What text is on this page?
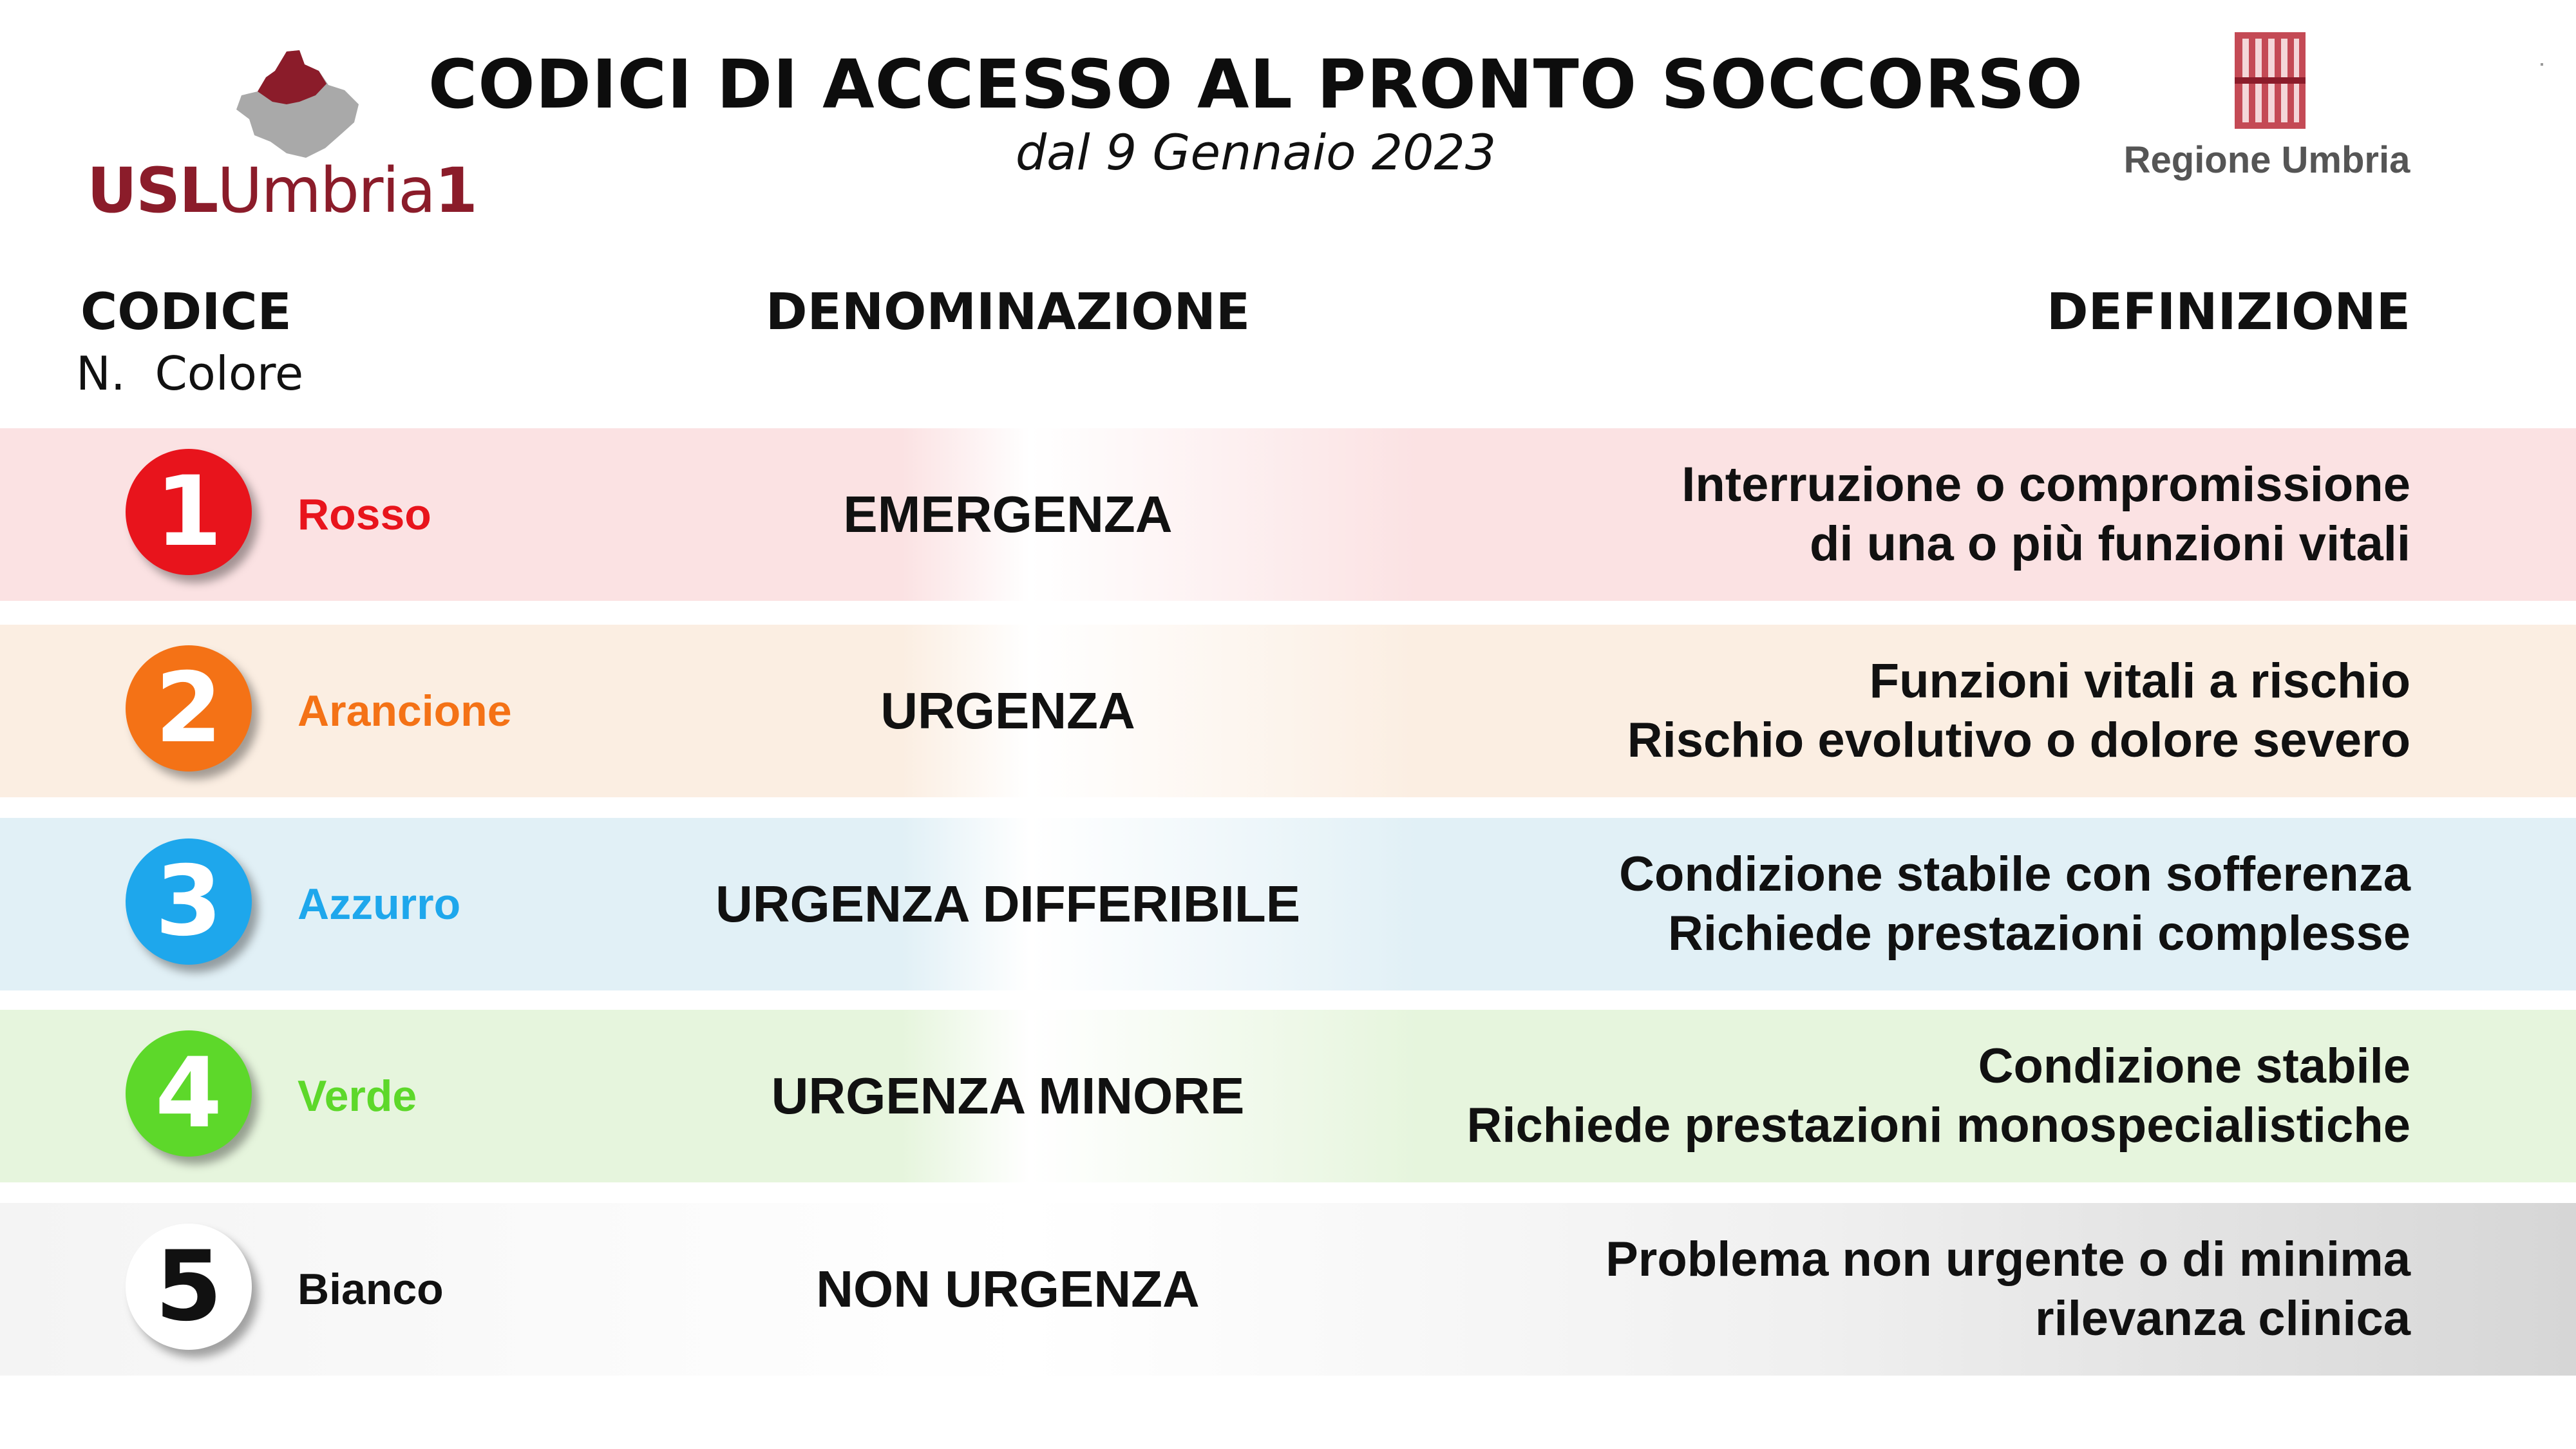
USLUmbria1
CODICI DI ACCESSO AL PRONTO SOCCORSO
dal 9 Gennaio 2023	Regione Umbria
CODICE
N.  Colore
DENOMINAZIONE	DEFINIZIONE
1	Rosso	EMERGENZA
Interruzione o compromissione
di una o più funzioni vitali
2	Arancione	URGENZA
Funzioni vitali a rischio
Rischio evolutivo o dolore severo
3	Azzurro	URGENZA DIFFERIBILE
Condizione stabile con sofferenza
Richiede prestazioni complesse
4	Verde	URGENZA MINORE
Condizione stabile
Richiede prestazioni monospecialistiche
5	Bianco	NON URGENZA
Problema non urgente o di minima
rilevanza clinica
